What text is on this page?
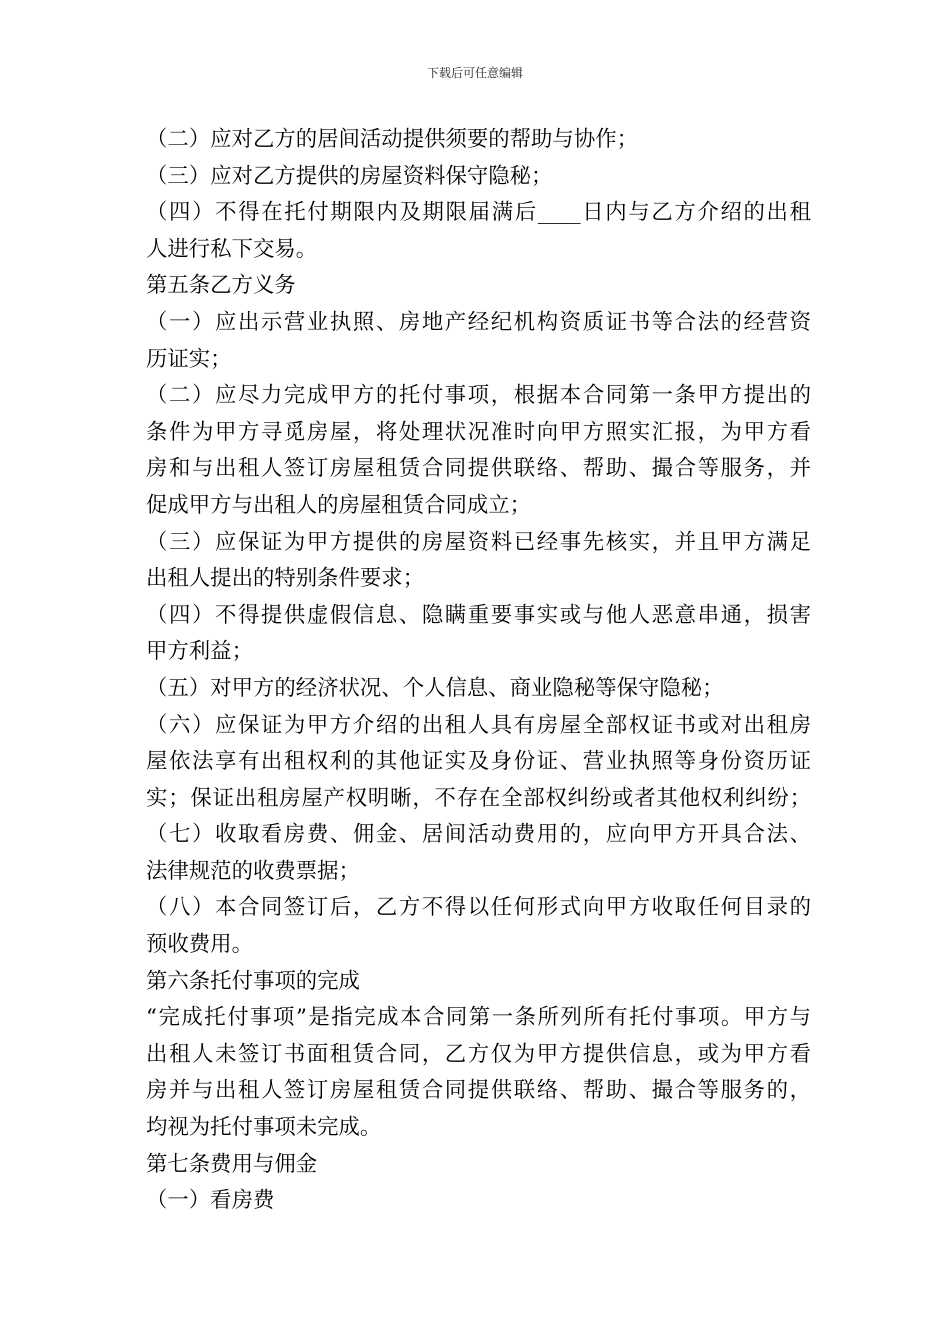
下载后可任意编辑
（二）应对乙方的居间活动提供须要的帮助与协作；
（三）应对乙方提供的房屋资料保守隐秘；
（四）不得在托付期限内及期限届满后____日内与乙方介绍的出租
人进行私下交易。
第五条乙方义务
（一）应出示营业执照、房地产经纪机构资质证书等合法的经营资
历证实；
（二）应尽力完成甲方的托付事项，根据本合同第一条甲方提出的
条件为甲方寻觅房屋，将处理状况准时向甲方照实汇报，为甲方看
房和与出租人签订房屋租赁合同提供联络、帮助、撮合等服务，并
促成甲方与出租人的房屋租赁合同成立；
（三）应保证为甲方提供的房屋资料已经事先核实，并且甲方满足
出租人提出的特别条件要求；
（四）不得提供虚假信息、隐瞒重要事实或与他人恶意串通，损害
甲方利益；
（五）对甲方的经济状况、个人信息、商业隐秘等保守隐秘；
（六）应保证为甲方介绍的出租人具有房屋全部权证书或对出租房
屋依法享有出租权利的其他证实及身份证、营业执照等身份资历证
实；保证出租房屋产权明晰，不存在全部权纠纷或者其他权利纠纷；
（七）收取看房费、佣金、居间活动费用的，应向甲方开具合法、
法律规范的收费票据；
（八）本合同签订后，乙方不得以任何形式向甲方收取任何目录的
预收费用。
第六条托付事项的完成
“完成托付事项”是指完成本合同第一条所列所有托付事项。甲方与
出租人未签订书面租赁合同，乙方仅为甲方提供信息，或为甲方看
房并与出租人签订房屋租赁合同提供联络、帮助、撮合等服务的，
均视为托付事项未完成。
第七条费用与佣金
（一）看房费
